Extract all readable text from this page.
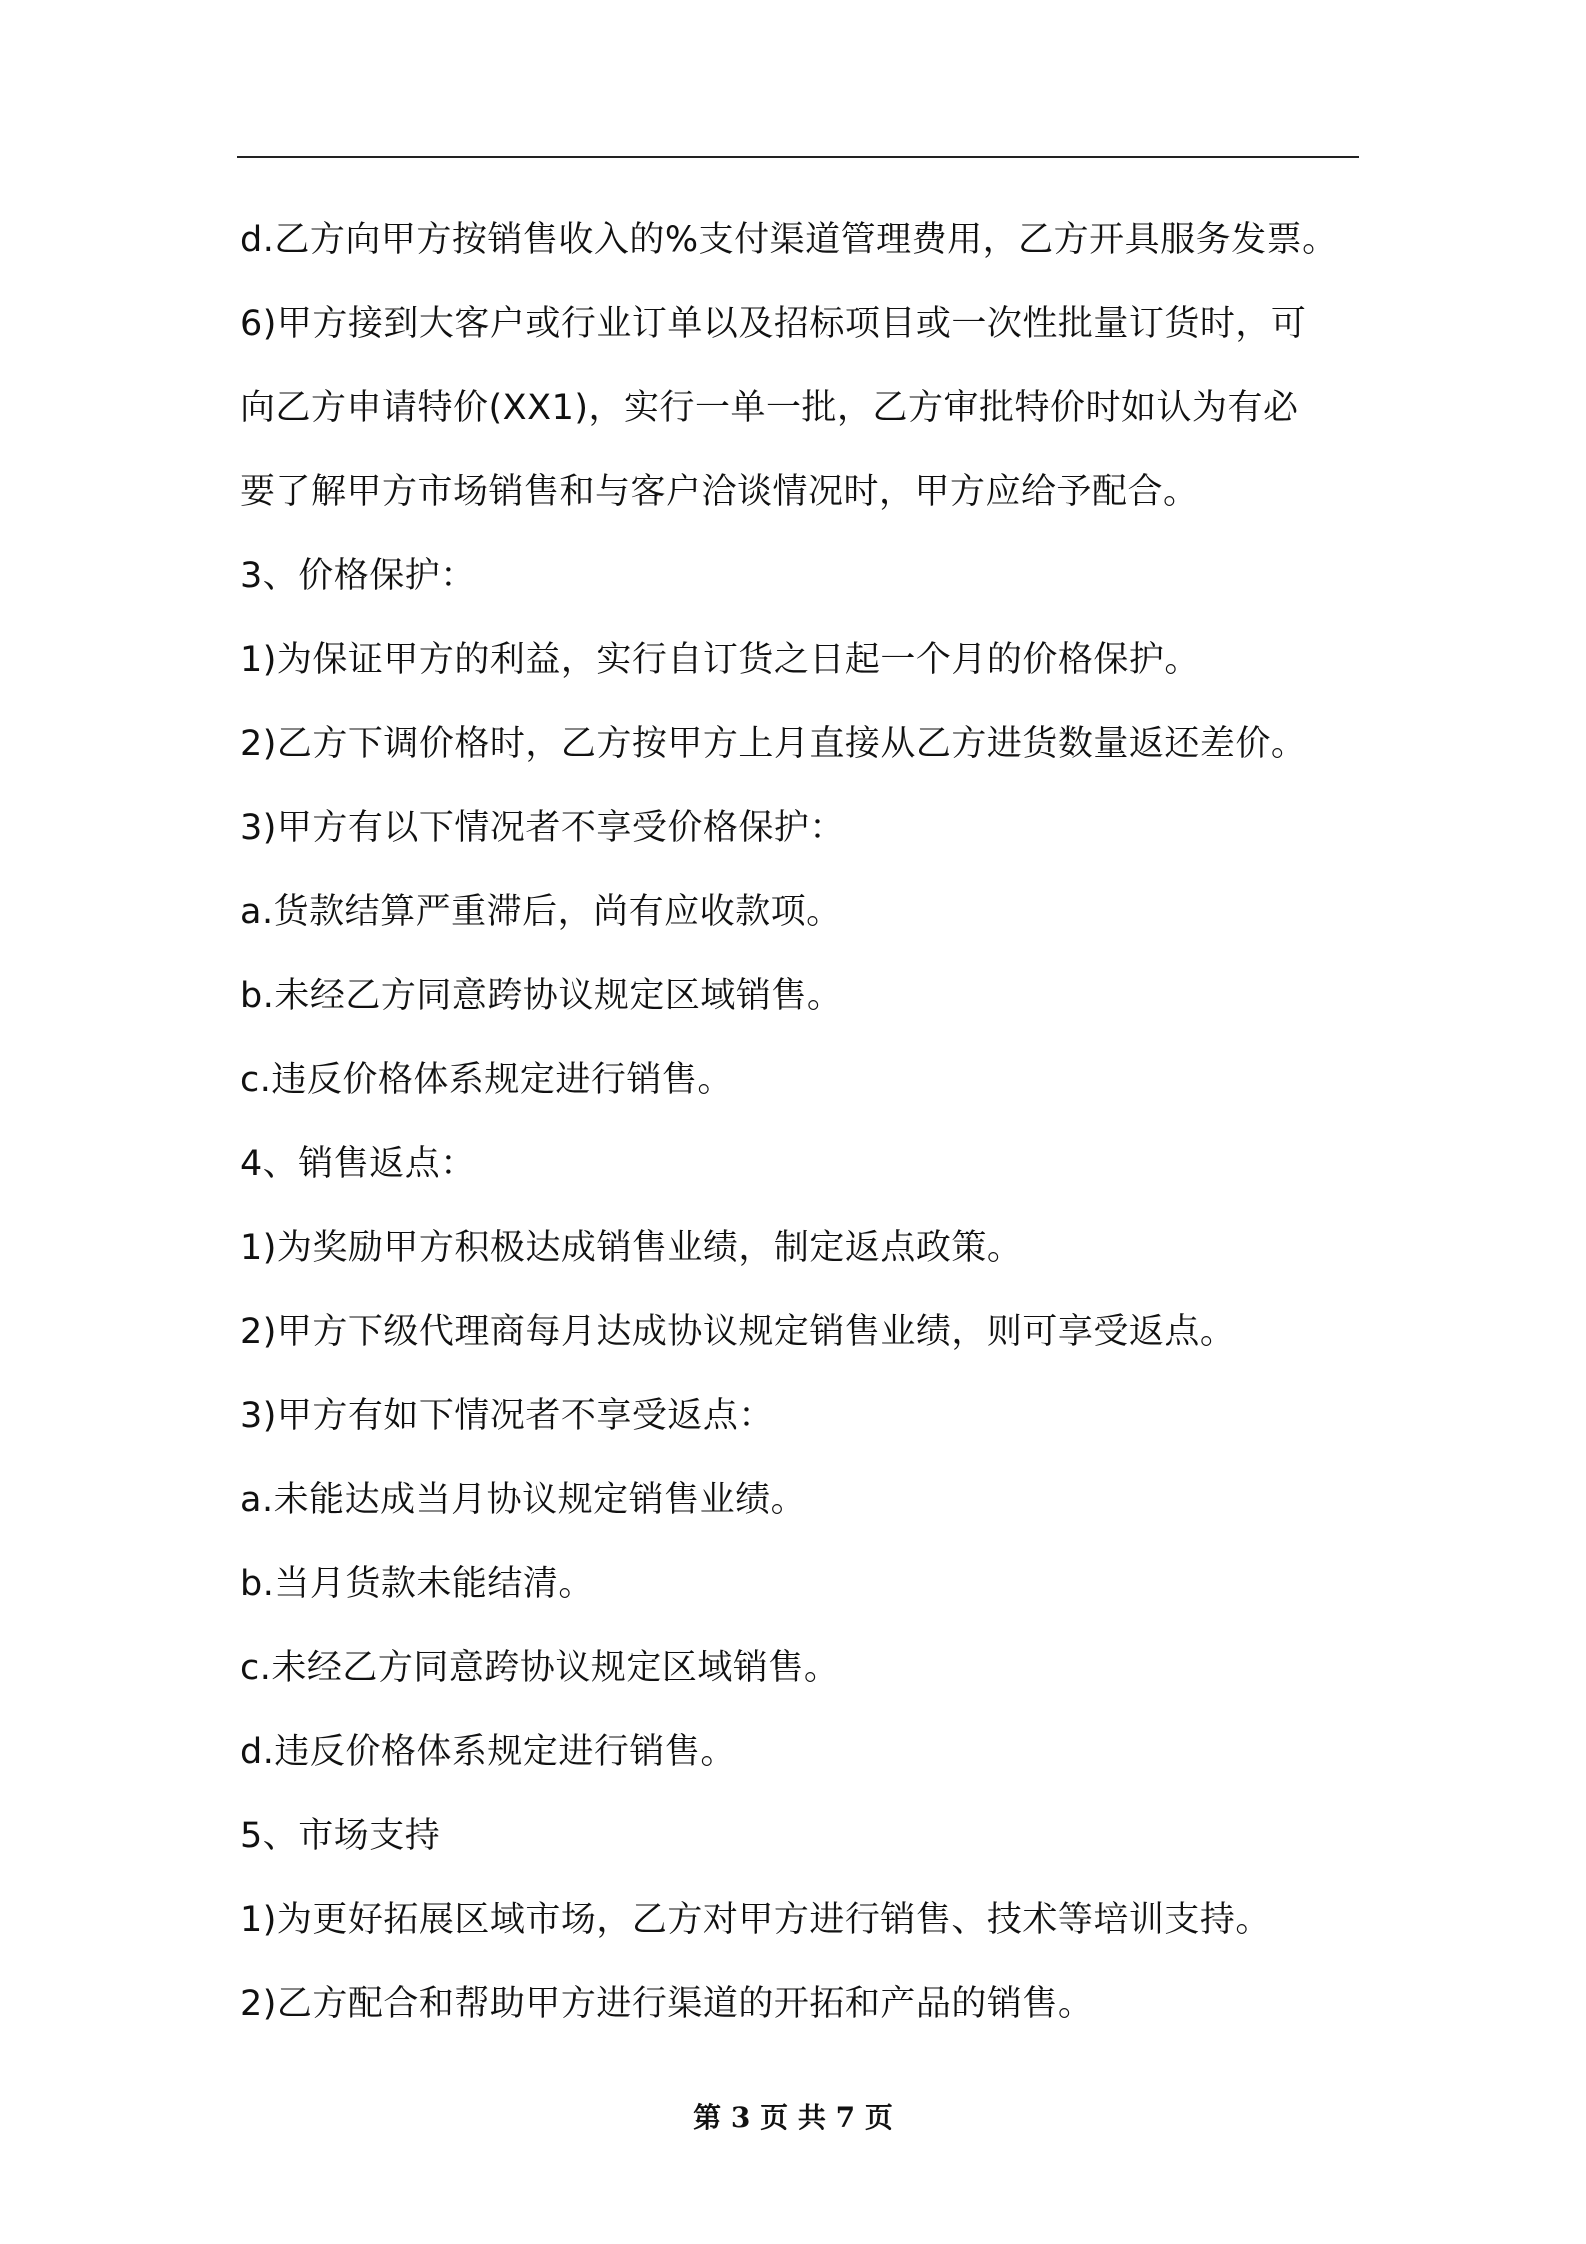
d.乙方向甲方按销售收入的%支付渠道管理费用，乙方开具服务发票。
6)甲方接到大客户或行业订单以及招标项目或一次性批量订货时，可
向乙方申请特价(XX1)，实行一单一批，乙方审批特价时如认为有必
要了解甲方市场销售和与客户洽谈情况时，甲方应给予配合。
3、价格保护：
1)为保证甲方的利益，实行自订货之日起一个月的价格保护。
2)乙方下调价格时，乙方按甲方上月直接从乙方进货数量返还差价。
3)甲方有以下情况者不享受价格保护：
a.货款结算严重滞后，尚有应收款项。
b.未经乙方同意跨协议规定区域销售。
c.违反价格体系规定进行销售。
4、销售返点：
1)为奖励甲方积极达成销售业绩，制定返点政策。
2)甲方下级代理商每月达成协议规定销售业绩，则可享受返点。
3)甲方有如下情况者不享受返点：
a.未能达成当月协议规定销售业绩。
b.当月货款未能结清。
c.未经乙方同意跨协议规定区域销售。
d.违反价格体系规定进行销售。
5、市场支持
1)为更好拓展区域市场，乙方对甲方进行销售、技术等培训支持。
2)乙方配合和帮助甲方进行渠道的开拓和产品的销售。
第 3 页 共 7 页
